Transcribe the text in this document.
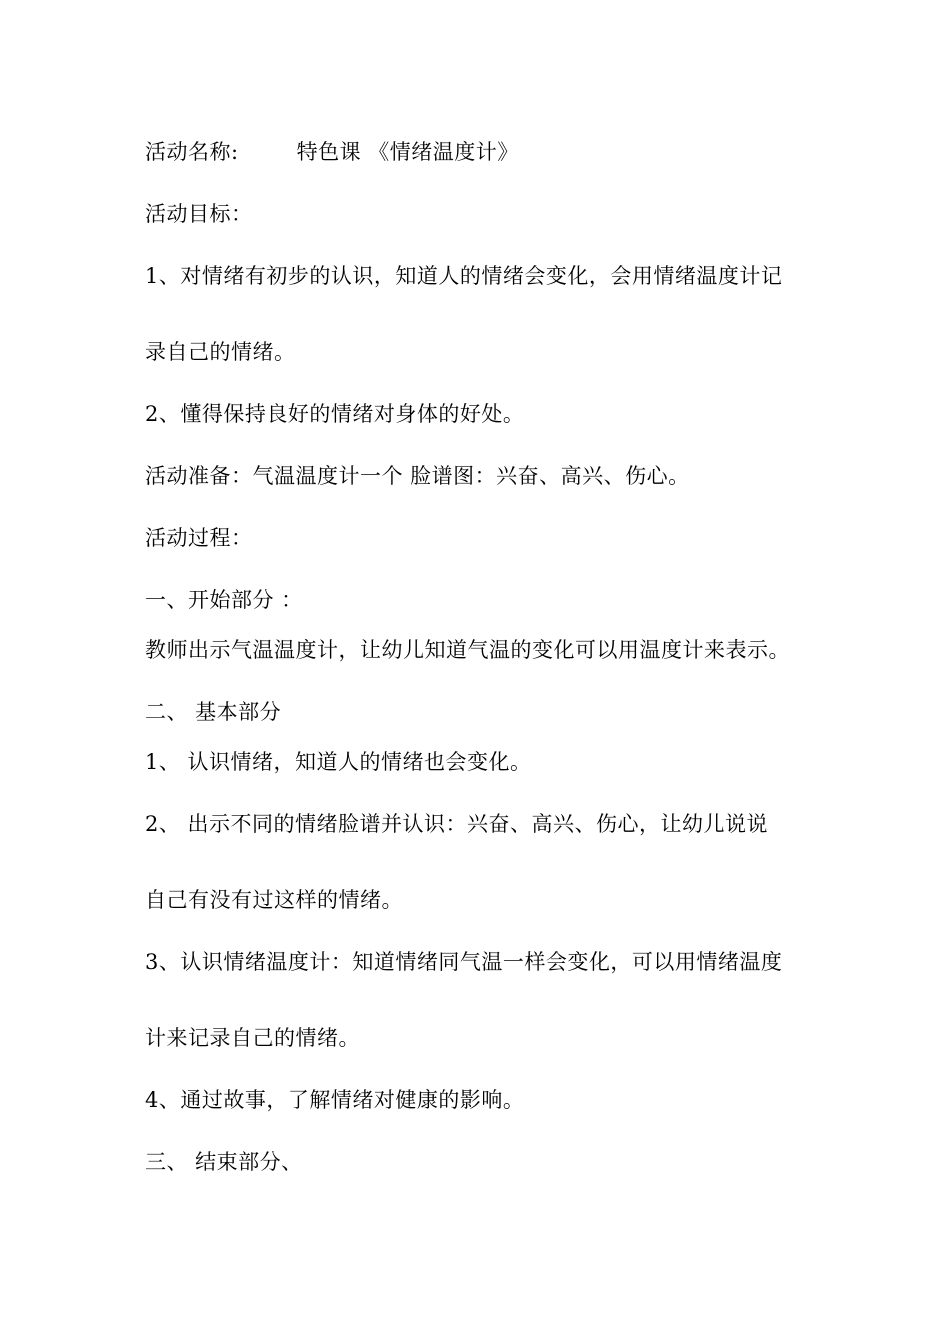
活动名称:	特色课 《情绪温度计》
活动目标：
1、对情绪有初步的认识，知道人的情绪会变化，会用情绪温度计记
录自己的情绪。
2、懂得保持良好的情绪对身体的好处。
活动准备：气温温度计一个 脸谱图：兴奋、高兴、伤心。
活动过程：
一、开始部分 ：
教师出示气温温度计，让幼儿知道气温的变化可以用温度计来表示。
二、 基本部分
1、 认识情绪，知道人的情绪也会变化。
2、 出示不同的情绪脸谱并认识：兴奋、高兴、伤心，让幼儿说说
自己有没有过这样的情绪。
3、认识情绪温度计：知道情绪同气温一样会变化，可以用情绪温度
计来记录自己的情绪。
4、通过故事，了解情绪对健康的影响。
三、 结束部分、
